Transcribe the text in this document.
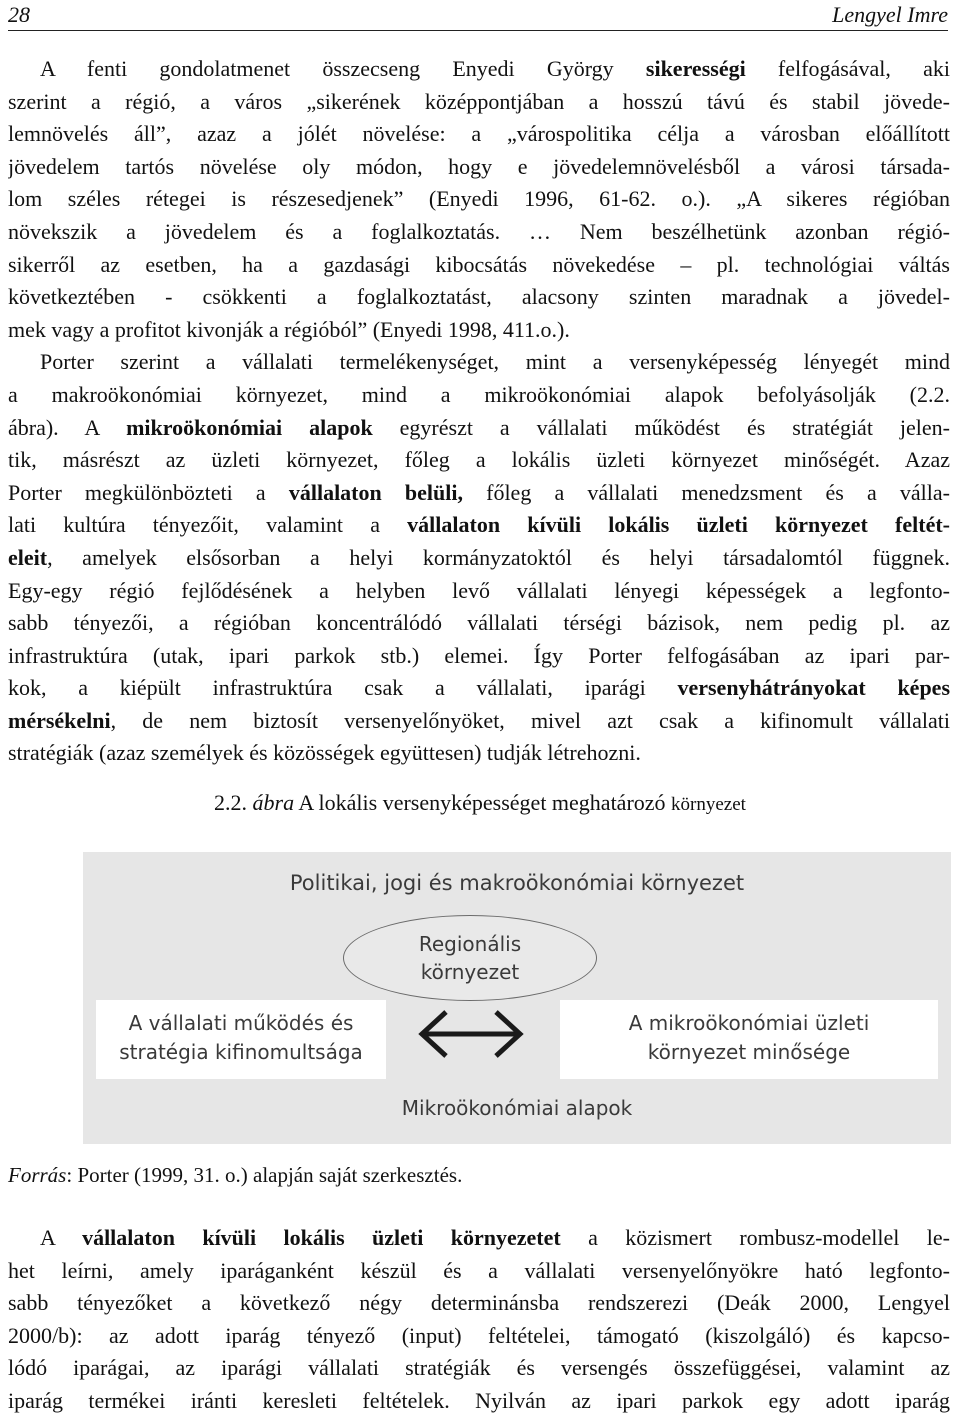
28	Lengyel Imre
A fenti gondolatmenet összecseng Enyedi György sikerességi felfogásával, aki
szerint a régió, a város „sikerének középpontjában a hosszú távú és stabil jövede-
lemnövelés áll”, azaz a jólét növelése: a „várospolitika célja a városban előállított
jövedelem tartós növelése oly módon, hogy e jövedelemnövelésből a városi társada-
lom széles rétegei is részesedjenek” (Enyedi 1996, 61-62. o.). „A sikeres régióban
növekszik a jövedelem és a foglalkoztatás. … Nem beszélhetünk azonban régió-
sikerről az esetben, ha a gazdasági kibocsátás növekedése – pl. technológiai váltás
következtében - csökkenti a foglalkoztatást, alacsony szinten maradnak a jövedel-
mek vagy a profitot kivonják a régióból” (Enyedi 1998, 411.o.).
Porter szerint a vállalati termelékenységet, mint a versenyképesség lényegét mind
a makroökonómiai környezet, mind a mikroökonómiai alapok befolyásolják (2.2.
ábra). A mikroökonómiai alapok egyrészt a vállalati működést és stratégiát jelen-
tik, másrészt az üzleti környezet, főleg a lokális üzleti környezet minőségét. Azaz
Porter megkülönbözteti a vállalaton belüli, főleg a vállalati menedzsment és a válla-
lati kultúra tényezőit, valamint a vállalaton kívüli lokális üzleti környezet feltét-
eleit, amelyek elsősorban a helyi kormányzatoktól és helyi társadalomtól függnek.
Egy-egy régió fejlődésének a helyben levő vállalati lényegi képességek a legfonto-
sabb tényezői, a régióban koncentrálódó vállalati térségi bázisok, nem pedig pl. az
infrastruktúra (utak, ipari parkok stb.) elemei. Így Porter felfogásában az ipari par-
kok, a kiépült infrastruktúra csak a vállalati, iparági versenyhátrányokat képes
mérsékelni, de nem biztosít versenyelőnyöket, mivel azt csak a kifinomult vállalati
stratégiák (azaz személyek és közösségek együttesen) tudják létrehozni.
2.2. ábra A lokális versenyképességet meghatározó környezet
Politikai, jogi és makroökonómiai környezet
Regionális
környezet
A vállalati működés és
stratégia kifinomultsága
A mikroökonómiai üzleti
környezet minősége
Mikroökonómiai alapok
Forrás: Porter (1999, 31. o.) alapján saját szerkesztés.
A vállalaton kívüli lokális üzleti környezetet a közismert rombusz-modellel le-
het leírni, amely iparáganként készül és a vállalati versenyelőnyökre ható legfonto-
sabb tényezőket a következő négy determinánsba rendszerezi (Deák 2000, Lengyel
2000/b): az adott iparág tényező (input) feltételei, támogató (kiszolgáló) és kapcso-
lódó iparágai, az iparági vállalati stratégiák és versengés összefüggései, valamint az
iparág termékei iránti keresleti feltételek. Nyilván az ipari parkok egy adott iparág
